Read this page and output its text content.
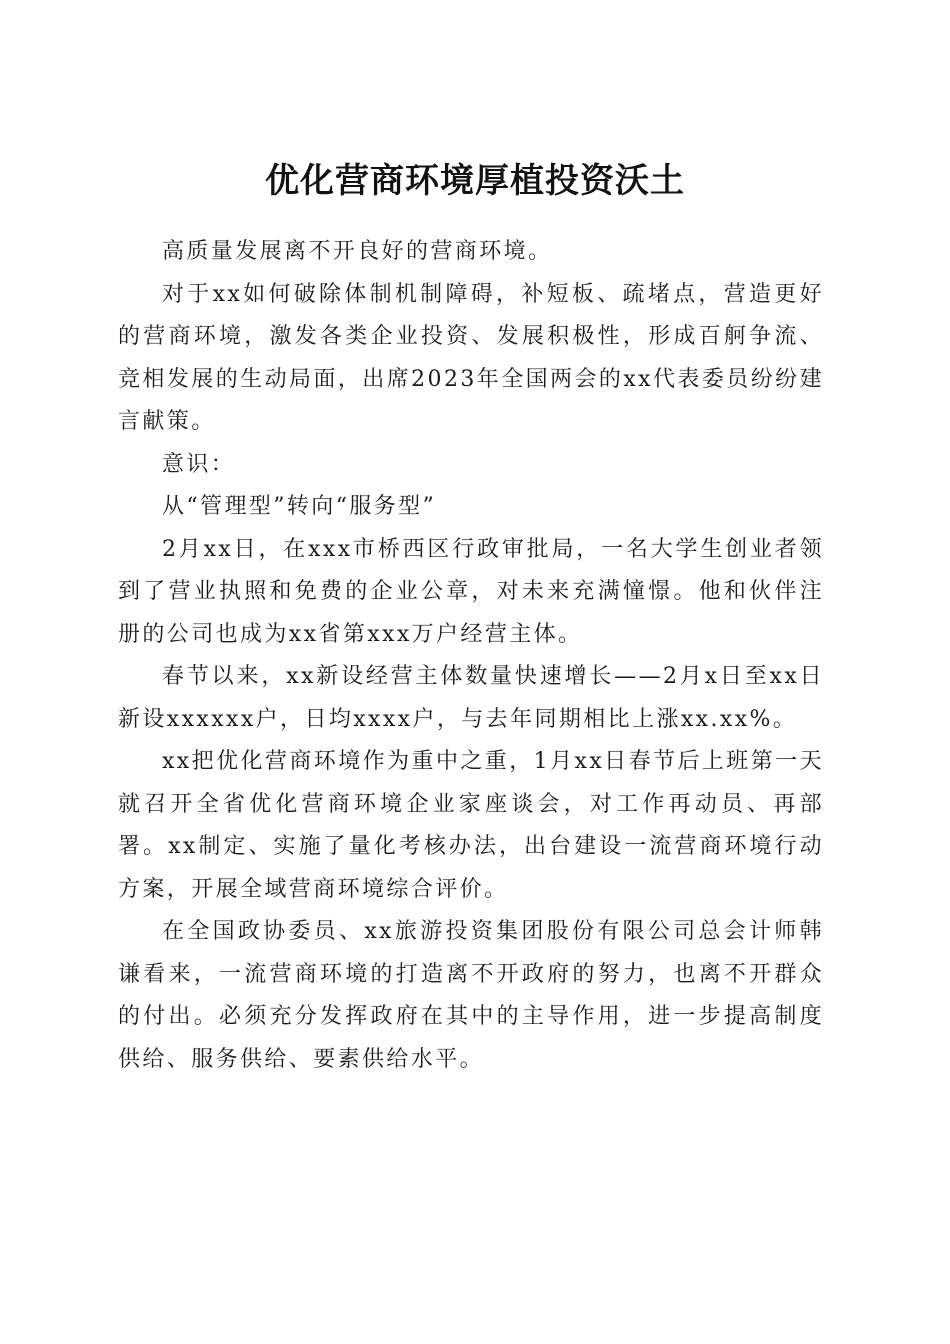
优化营商环境厚植投资沃土

高质量发展离不开良好的营商环境。

对于xx如何破除体制机制障碍，补短板、疏堵点，营造更好的营商环境，激发各类企业投资、发展积极性，形成百舸争流、竞相发展的生动局面，出席2023年全国两会的xx代表委员纷纷建言献策。

意识：

从“管理型”转向“服务型”

2月xx日，在xxx市桥西区行政审批局，一名大学生创业者领到了营业执照和免费的企业公章，对未来充满憧憬。他和伙伴注册的公司也成为xx省第xxx万户经营主体。

春节以来，xx新设经营主体数量快速增长——2月x日至xx日新设xxxxxx户，日均xxxx户，与去年同期相比上涨xx.xx%。

xx把优化营商环境作为重中之重，1月xx日春节后上班第一天就召开全省优化营商环境企业家座谈会，对工作再动员、再部署。xx制定、实施了量化考核办法，出台建设一流营商环境行动方案，开展全域营商环境综合评价。

在全国政协委员、xx旅游投资集团股份有限公司总会计师韩谦看来，一流营商环境的打造离不开政府的努力，也离不开群众的付出。必须充分发挥政府在其中的主导作用，进一步提高制度供给、服务供给、要素供给水平。
